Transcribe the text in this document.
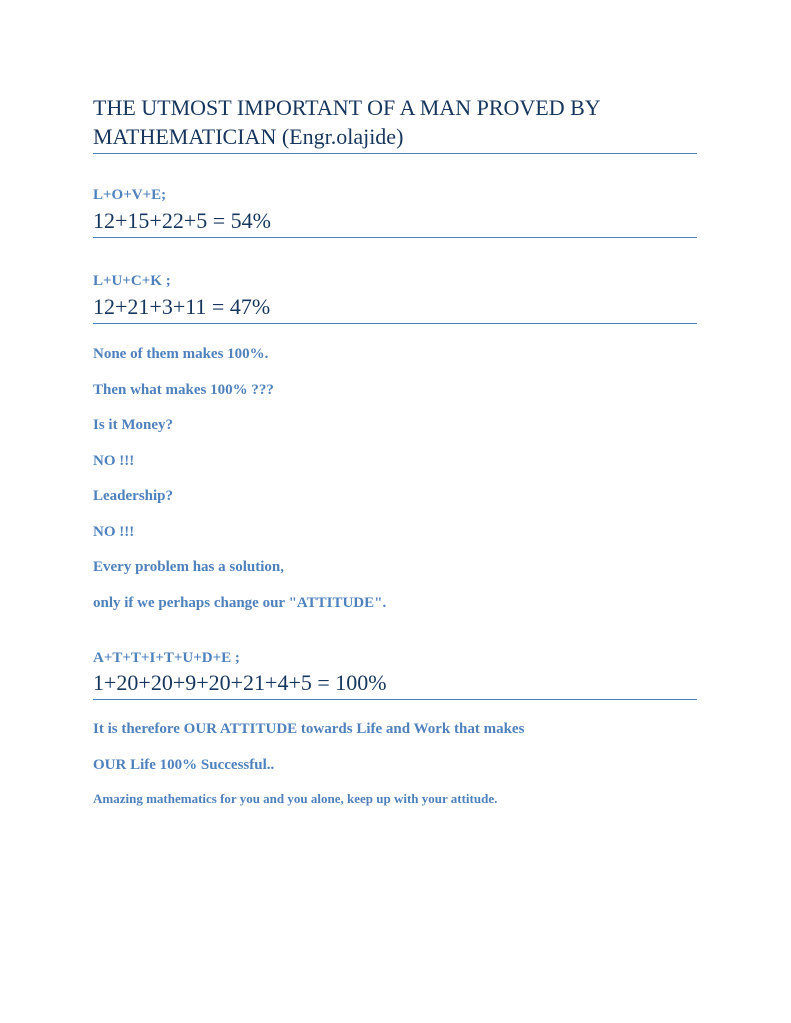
THE UTMOST IMPORTANT OF A MAN PROVED BY MATHEMATICIAN (Engr.olajide)
L+O+V+E;
12+15+22+5 = 54%
L+U+C+K ;
12+21+3+11 = 47%
None of them makes 100%.
Then what makes 100% ???
Is it Money?
NO !!!
Leadership?
NO !!!
Every problem has a solution,
only if we perhaps change our "ATTITUDE".
A+T+T+I+T+U+D+E ;
1+20+20+9+20+21+4+5 = 100%
It is therefore OUR ATTITUDE towards Life and Work that makes
OUR Life 100% Successful..
Amazing mathematics for you and you alone, keep up with your attitude.
